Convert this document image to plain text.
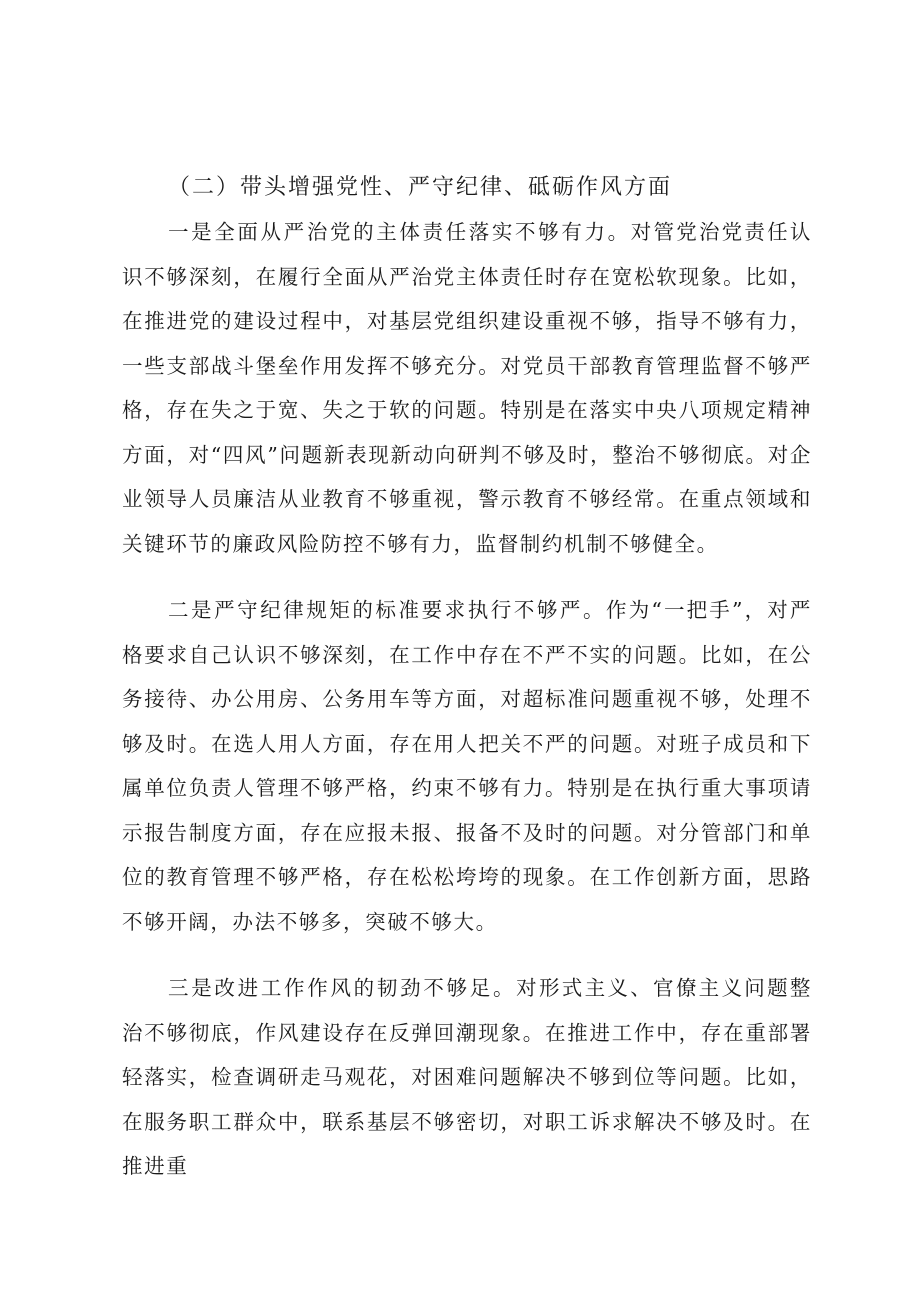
（二）带头增强党性、严守纪律、砥砺作风方面

一是全面从严治党的主体责任落实不够有力。对管党治党责任认识不够深刻，在履行全面从严治党主体责任时存在宽松软现象。比如，在推进党的建设过程中，对基层党组织建设重视不够，指导不够有力，一些支部战斗堡垒作用发挥不够充分。对党员干部教育管理监督不够严格，存在失之于宽、失之于软的问题。特别是在落实中央八项规定精神方面，对“四风”问题新表现新动向研判不够及时，整治不够彻底。对企业领导人员廉洁从业教育不够重视，警示教育不够经常。在重点领域和关键环节的廉政风险防控不够有力，监督制约机制不够健全。

二是严守纪律规矩的标准要求执行不够严。作为“一把手”，对严格要求自己认识不够深刻，在工作中存在不严不实的问题。比如，在公务接待、办公用房、公务用车等方面，对超标准问题重视不够，处理不够及时。在选人用人方面，存在用人把关不严的问题。对班子成员和下属单位负责人管理不够严格，约束不够有力。特别是在执行重大事项请示报告制度方面，存在应报未报、报备不及时的问题。对分管部门和单位的教育管理不够严格，存在松松垮垮的现象。在工作创新方面，思路不够开阔，办法不够多，突破不够大。

三是改进工作作风的韧劲不够足。对形式主义、官僚主义问题整治不够彻底，作风建设存在反弹回潮现象。在推进工作中，存在重部署轻落实，检查调研走马观花，对困难问题解决不够到位等问题。比如，在服务职工群众中，联系基层不够密切，对职工诉求解决不够及时。在推进重
